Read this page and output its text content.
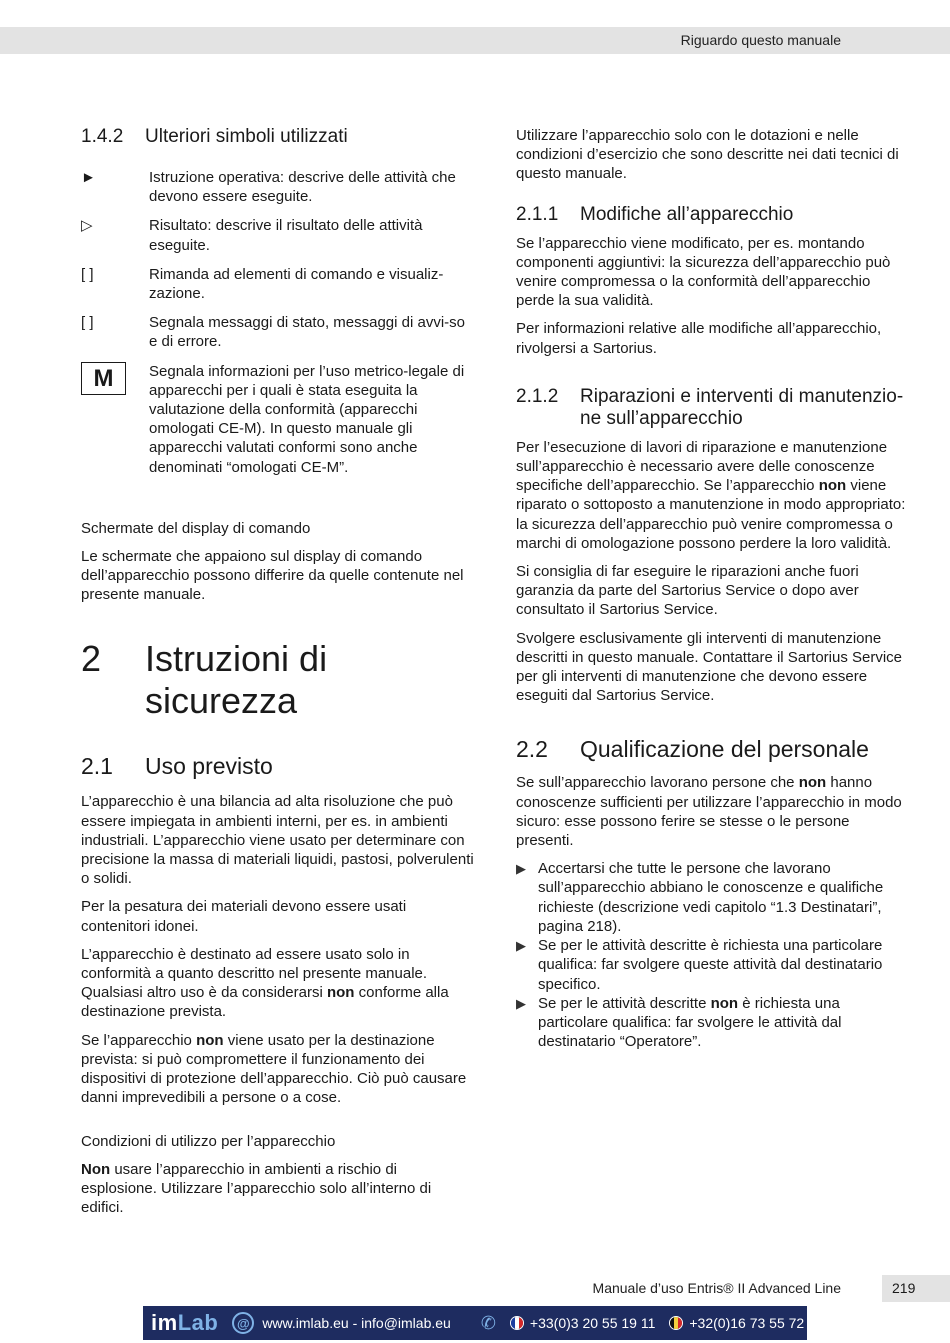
Riguardo questo manuale
1.4.2	Ulteriori simboli utilizzati
►	Istruzione operativa: descrive delle attività che devono essere eseguite.
▷	Risultato: descrive il risultato delle attività eseguite.
[ ]	Rimanda ad elementi di comando e visualiz-zazione.
[ ]	Segnala messaggi di stato, messaggi di avvi-so e di errore.
M	Segnala informazioni per l’uso metrico-legale di apparecchi per i quali è stata eseguita la valutazione della conformità (apparecchi omologati CE-M). In questo manuale gli apparecchi valutati conformi sono anche denominati “omologati CE-M”.
Schermate del display di comando

Le schermate che appaiono sul display di comando dell’apparecchio possono differire da quelle contenute nel presente manuale.

2	Istruzioni di sicurezza
2.1	Uso previsto

L’apparecchio è una bilancia ad alta risoluzione che può essere impiegata in ambienti interni, per es. in ambienti industriali. L’apparecchio viene usato per determinare con precisione la massa di materiali liquidi, pastosi, polverulenti o solidi.

Per la pesatura dei materiali devono essere usati contenitori idonei.

L’apparecchio è destinato ad essere usato solo in conformità a quanto descritto nel presente manuale. Qualsiasi altro uso è da considerarsi non conforme alla destinazione prevista.

Se l’apparecchio non viene usato per la destinazione prevista: si può compromettere il funzionamento dei dispositivi di protezione dell’apparecchio. Ciò può causare danni imprevedibili a persone o a cose.

Condizioni di utilizzo per l’apparecchio

Non usare l’apparecchio in ambienti a rischio di esplosione. Utilizzare l’apparecchio solo all’interno di edifici.

Utilizzare l’apparecchio solo con le dotazioni e nelle condizioni d’esercizio che sono descritte nei dati tecnici di questo manuale.

2.1.1	Modifiche all’apparecchio

Se l’apparecchio viene modificato, per es. montando componenti aggiuntivi: la sicurezza dell’apparecchio può venire compromessa o la conformità dell’apparecchio perde la sua validità.

Per informazioni relative alle modifiche all’apparecchio, rivolgersi a Sartorius.

2.1.2	Riparazioni e interventi di manutenzio-ne sull’apparecchio

Per l’esecuzione di lavori di riparazione e manutenzione sull’apparecchio è necessario avere delle conoscenze specifiche dell’apparecchio. Se l’apparecchio non viene riparato o sottoposto a manutenzione in modo appropriato: la sicurezza dell’apparecchio può venire compromessa o marchi di omologazione possono perdere la loro validità.

Si consiglia di far eseguire le riparazioni anche fuori garanzia da parte del Sartorius Service o dopo aver consultato il Sartorius Service.

Svolgere esclusivamente gli interventi di manutenzione descritti in questo manuale. Contattare il Sartorius Service per gli interventi di manutenzione che devono essere eseguiti dal Sartorius Service.

2.2	Qualificazione del personale

Se sull’apparecchio lavorano persone che non hanno conoscenze sufficienti per utilizzare l’apparecchio in modo sicuro: esse possono ferire se stesse o le persone presenti.

▶ Accertarsi che tutte le persone che lavorano sull’apparecchio abbiano le conoscenze e qualifiche richieste (descrizione vedi capitolo “1.3 Destinatari”, pagina 218).
▶ Se per le attività descritte è richiesta una particolare qualifica: far svolgere queste attività dal destinatario specifico.
▶ Se per le attività descritte non è richiesta una particolare qualifica: far svolgere le attività dal destinatario “Operatore”.
Manuale d’uso Entris® II Advanced Line	219
imLab	@ www.imlab.eu - info@imlab.eu ✆ +33(0)3 20 55 19 11 +32(0)16 73 55 72
